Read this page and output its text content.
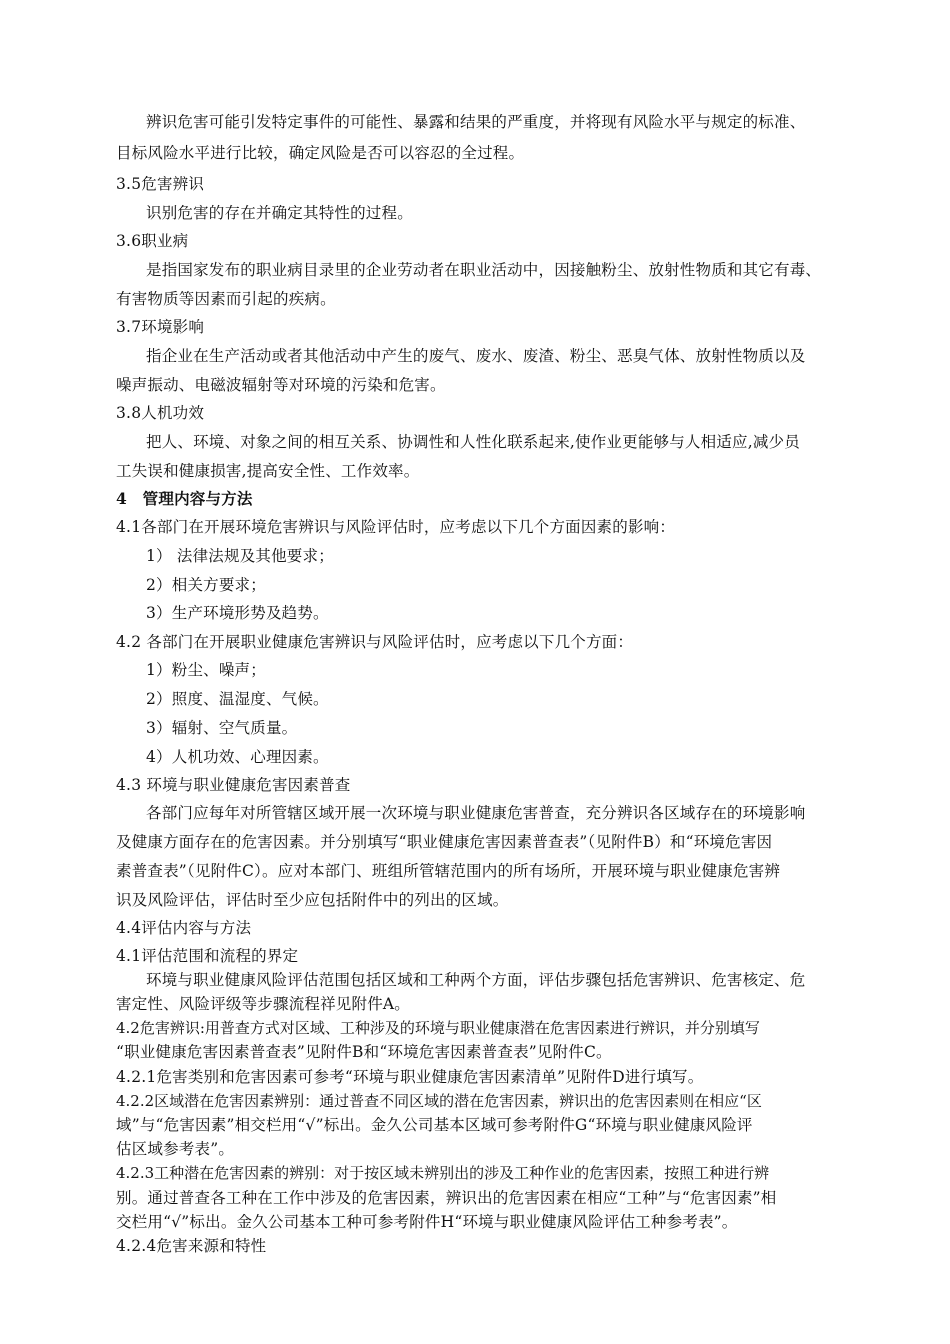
辨识危害可能引发特定事件的可能性、暴露和结果的严重度，并将现有风险水平与规定的标准、
目标风险水平进行比较，确定风险是否可以容忍的全过程。
3.5危害辨识
识别危害的存在并确定其特性的过程。
3.6职业病
是指国家发布的职业病目录里的企业劳动者在职业活动中，因接触粉尘、放射性物质和其它有毒、
有害物质等因素而引起的疾病。
3.7环境影响
指企业在生产活动或者其他活动中产生的废气、废水、废渣、粉尘、恶臭气体、放射性物质以及
噪声振动、电磁波辐射等对环境的污染和危害。
3.8人机功效
把人、环境、对象之间的相互关系、协调性和人性化联系起来,使作业更能够与人相适应,减少员
工失误和健康损害,提高安全性、工作效率。
4　管理内容与方法
4.1各部门在开展环境危害辨识与风险评估时，应考虑以下几个方面因素的影响：
1） 法律法规及其他要求；
2）相关方要求；
3）生产环境形势及趋势。
4.2 各部门在开展职业健康危害辨识与风险评估时，应考虑以下几个方面：
1）粉尘、噪声；
2）照度、温湿度、气候。
3）辐射、空气质量。
4）人机功效、心理因素。
4.3 环境与职业健康危害因素普查
各部门应每年对所管辖区域开展一次环境与职业健康危害普查，充分辨识各区域存在的环境影响
及健康方面存在的危害因素。并分别填写“职业健康危害因素普查表”（见附件B）和“环境危害因
素普查表”（见附件C）。应对本部门、班组所管辖范围内的所有场所，开展环境与职业健康危害辨
识及风险评估，评估时至少应包括附件中的列出的区域。
4.4评估内容与方法
4.1评估范围和流程的界定
环境与职业健康风险评估范围包括区域和工种两个方面，评估步骤包括危害辨识、危害核定、危
害定性、风险评级等步骤流程祥见附件A。
4.2危害辨识:用普查方式对区域、工种涉及的环境与职业健康潜在危害因素进行辨识，并分别填写
“职业健康危害因素普查表”见附件B和“环境危害因素普查表”见附件C。
4.2.1危害类别和危害因素可参考“环境与职业健康危害因素清单”见附件D进行填写。
4.2.2区域潜在危害因素辨别：通过普查不同区域的潜在危害因素，辨识出的危害因素则在相应“区
域”与“危害因素”相交栏用“√”标出。金久公司基本区域可参考附件G“环境与职业健康风险评
估区域参考表”。
4.2.3工种潜在危害因素的辨别：对于按区域未辨别出的涉及工种作业的危害因素，按照工种进行辨
别。通过普查各工种在工作中涉及的危害因素，辨识出的危害因素在相应“工种”与“危害因素”相
交栏用“√”标出。金久公司基本工种可参考附件H“环境与职业健康风险评估工种参考表”。
4.2.4危害来源和特性
